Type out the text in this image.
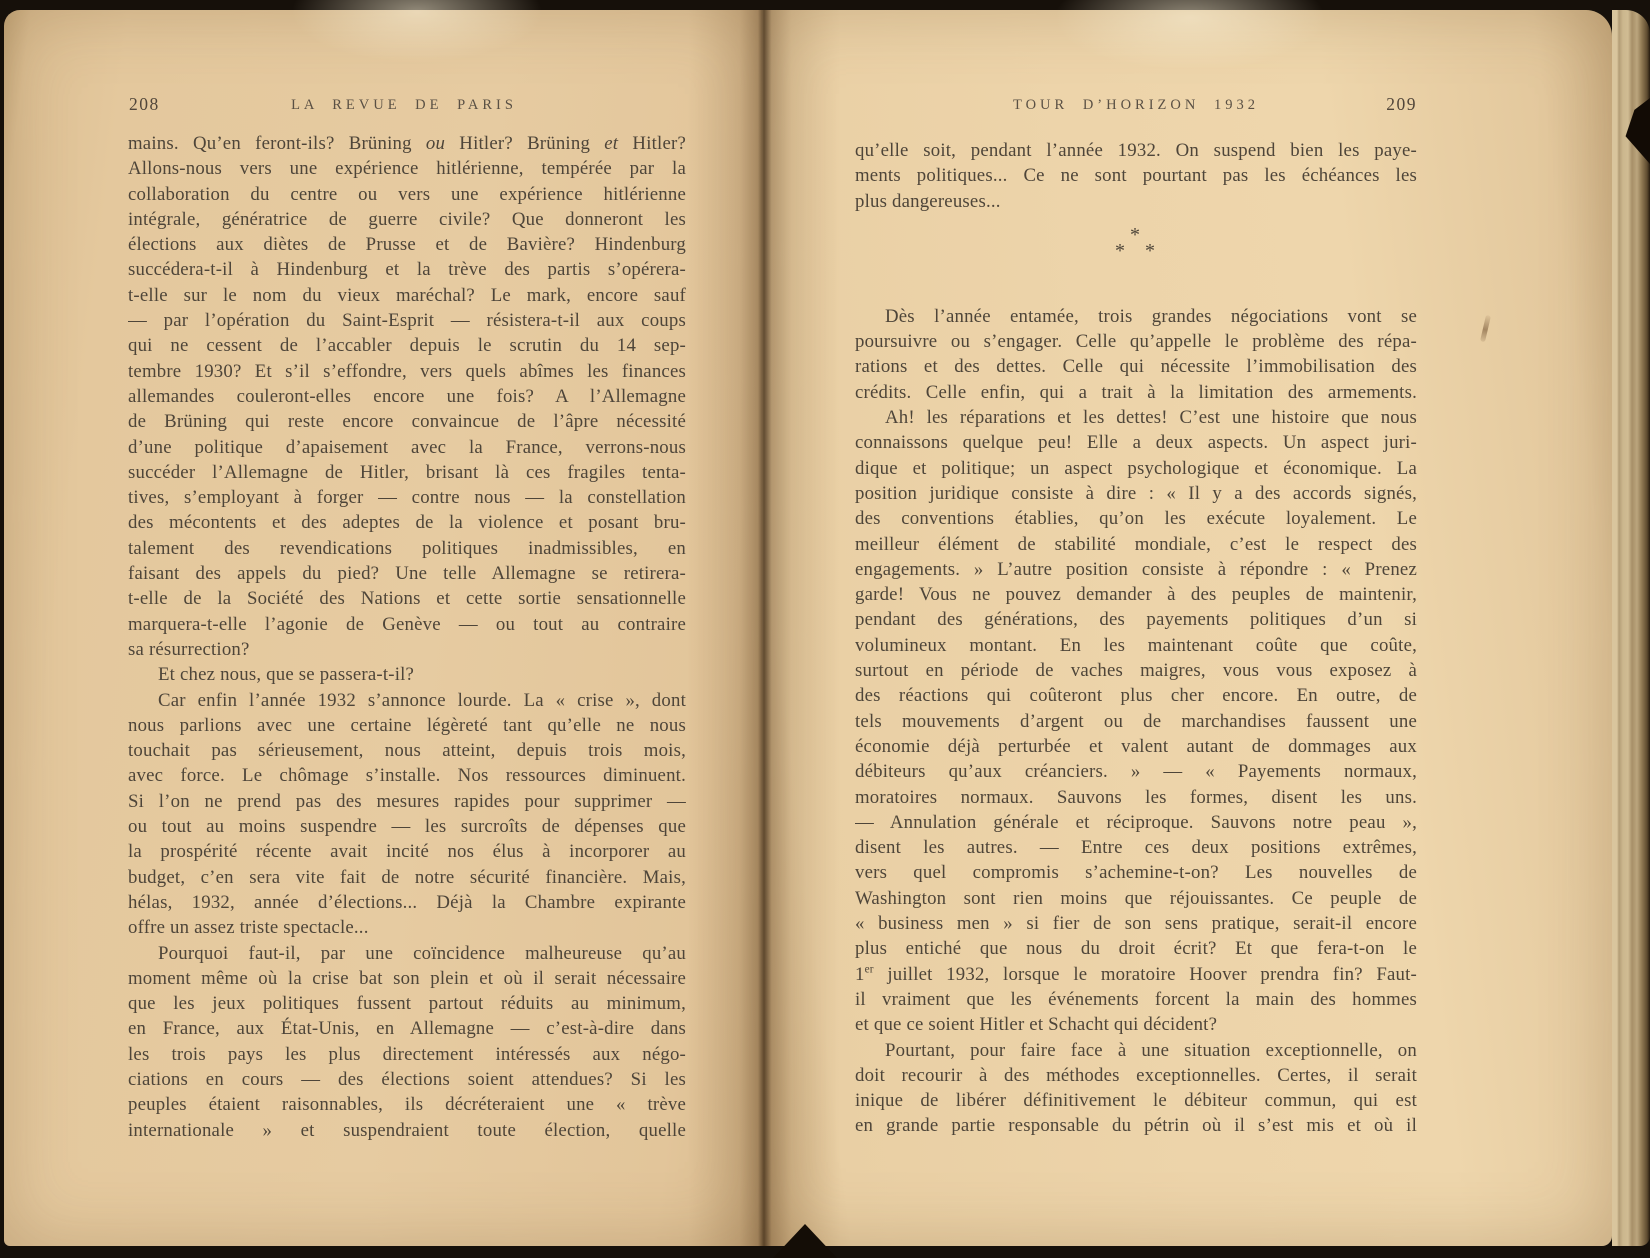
208	LA REVUE DE PARIS	TOUR D’HORIZON 1932	209
mains. Qu’en feront-ils? Brüning ou Hitler? Brüning et Hitler?
Allons-nous vers une expérience hitlérienne, tempérée par la
collaboration du centre ou vers une expérience hitlérienne
intégrale, génératrice de guerre civile? Que donneront les
élections aux diètes de Prusse et de Bavière? Hindenburg
succédera-t-il à Hindenburg et la trève des partis s’opérera-
t-elle sur le nom du vieux maréchal? Le mark, encore sauf
— par l’opération du Saint-Esprit — résistera-t-il aux coups
qui ne cessent de l’accabler depuis le scrutin du 14 sep-
tembre 1930? Et s’il s’effondre, vers quels abîmes les finances
allemandes couleront-elles encore une fois? A l’Allemagne
de Brüning qui reste encore convaincue de l’âpre nécessité
d’une politique d’apaisement avec la France, verrons-nous
succéder l’Allemagne de Hitler, brisant là ces fragiles tenta-
tives, s’employant à forger — contre nous — la constellation
des mécontents et des adeptes de la violence et posant bru-
talement des revendications politiques inadmissibles, en
faisant des appels du pied? Une telle Allemagne se retirera-
t-elle de la Société des Nations et cette sortie sensationnelle
marquera-t-elle l’agonie de Genève — ou tout au contraire
sa résurrection?
Et chez nous, que se passera-t-il?
Car enfin l’année 1932 s’annonce lourde. La « crise », dont
nous parlions avec une certaine légèreté tant qu’elle ne nous
touchait pas sérieusement, nous atteint, depuis trois mois,
avec force. Le chômage s’installe. Nos ressources diminuent.
Si l’on ne prend pas des mesures rapides pour supprimer —
ou tout au moins suspendre — les surcroîts de dépenses que
la prospérité récente avait incité nos élus à incorporer au
budget, c’en sera vite fait de notre sécurité financière. Mais,
hélas, 1932, année d’élections... Déjà la Chambre expirante
offre un assez triste spectacle...
Pourquoi faut-il, par une coïncidence malheureuse qu’au
moment même où la crise bat son plein et où il serait nécessaire
que les jeux politiques fussent partout réduits au minimum,
en France, aux État-Unis, en Allemagne — c’est-à-dire dans
les trois pays les plus directement intéressés aux négo-
ciations en cours — des élections soient attendues? Si les
peuples étaient raisonnables, ils décréteraient une « trève
internationale » et suspendraient toute élection, quelle
qu’elle soit, pendant l’année 1932. On suspend bien les paye-
ments politiques... Ce ne sont pourtant pas les échéances les
plus dangereuses...
*
* *
Dès l’année entamée, trois grandes négociations vont se
poursuivre ou s’engager. Celle qu’appelle le problème des répa-
rations et des dettes. Celle qui nécessite l’immobilisation des
crédits. Celle enfin, qui a trait à la limitation des armements.
Ah! les réparations et les dettes! C’est une histoire que nous
connaissons quelque peu! Elle a deux aspects. Un aspect juri-
dique et politique; un aspect psychologique et économique. La
position juridique consiste à dire : « Il y a des accords signés,
des conventions établies, qu’on les exécute loyalement. Le
meilleur élément de stabilité mondiale, c’est le respect des
engagements. » L’autre position consiste à répondre : « Prenez
garde! Vous ne pouvez demander à des peuples de maintenir,
pendant des générations, des payements politiques d’un si
volumineux montant. En les maintenant coûte que coûte,
surtout en période de vaches maigres, vous vous exposez à
des réactions qui coûteront plus cher encore. En outre, de
tels mouvements d’argent ou de marchandises faussent une
économie déjà perturbée et valent autant de dommages aux
débiteurs qu’aux créanciers. » — « Payements normaux,
moratoires normaux. Sauvons les formes, disent les uns.
— Annulation générale et réciproque. Sauvons notre peau »,
disent les autres. — Entre ces deux positions extrêmes,
vers quel compromis s’achemine-t-on? Les nouvelles de
Washington sont rien moins que réjouissantes. Ce peuple de
« business men » si fier de son sens pratique, serait-il encore
plus entiché que nous du droit écrit? Et que fera-t-on le
1er juillet 1932, lorsque le moratoire Hoover prendra fin? Faut-
il vraiment que les événements forcent la main des hommes
et que ce soient Hitler et Schacht qui décident?
Pourtant, pour faire face à une situation exceptionnelle, on
doit recourir à des méthodes exceptionnelles. Certes, il serait
inique de libérer définitivement le débiteur commun, qui est
en grande partie responsable du pétrin où il s’est mis et où il
